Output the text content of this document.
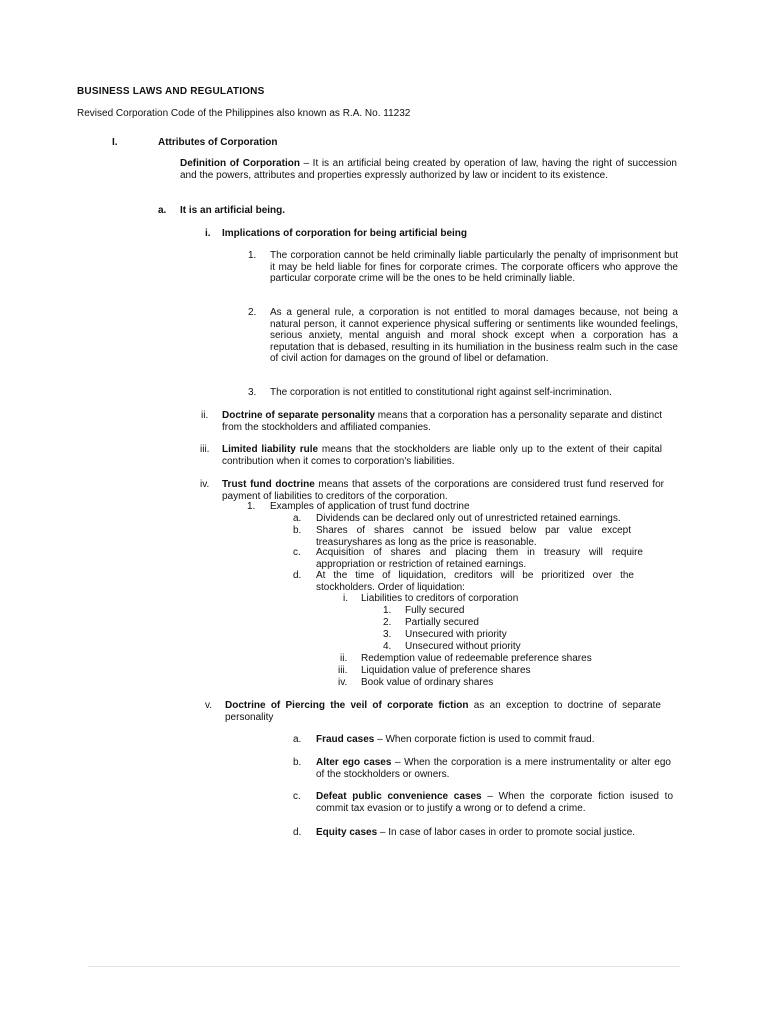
BUSINESS LAWS AND REGULATIONS
Revised Corporation Code of the Philippines also known as R.A. No. 11232
I.	Attributes of Corporation
Definition of Corporation – It is an artificial being created by operation of law, having the right of succession and the powers, attributes and properties expressly authorized by law or incident to its existence.
a. It is an artificial being.
i. Implications of corporation for being artificial being
1. The corporation cannot be held criminally liable particularly the penalty of imprisonment but it may be held liable for fines for corporate crimes. The corporate officers who approve the particular corporate crime will be the ones to be held criminally liable.
2. As a general rule, a corporation is not entitled to moral damages because, not being a natural person, it cannot experience physical suffering or sentiments like wounded feelings, serious anxiety, mental anguish and moral shock except when a corporation has a reputation that is debased, resulting in its humiliation in the business realm such in the case of civil action for damages on the ground of libel or defamation.
3. The corporation is not entitled to constitutional right against self-incrimination.
ii. Doctrine of separate personality means that a corporation has a personality separate and distinct from the stockholders and affiliated companies.
iii. Limited liability rule means that the stockholders are liable only up to the extent of their capital contribution when it comes to corporation's liabilities.
iv. Trust fund doctrine means that assets of the corporations are considered trust fund reserved for payment of liabilities to creditors of the corporation.
1. Examples of application of trust fund doctrine
a. Dividends can be declared only out of unrestricted retained earnings.
b. Shares of shares cannot be issued below par value except treasuryshares as long as the price is reasonable.
c. Acquisition of shares and placing them in treasury will require appropriation or restriction of retained earnings.
d. At the time of liquidation, creditors will be prioritized over the stockholders. Order of liquidation:
i. Liabilities to creditors of corporation
1. Fully secured
2. Partially secured
3. Unsecured with priority
4. Unsecured without priority
ii. Redemption value of redeemable preference shares
iii. Liquidation value of preference shares
iv. Book value of ordinary shares
v. Doctrine of Piercing the veil of corporate fiction as an exception to doctrine of separate personality
a. Fraud cases – When corporate fiction is used to commit fraud.
b. Alter ego cases – When the corporation is a mere instrumentality or alter ego of the stockholders or owners.
c. Defeat public convenience cases – When the corporate fiction isused to commit tax evasion or to justify a wrong or to defend a crime.
d. Equity cases – In case of labor cases in order to promote social justice.
